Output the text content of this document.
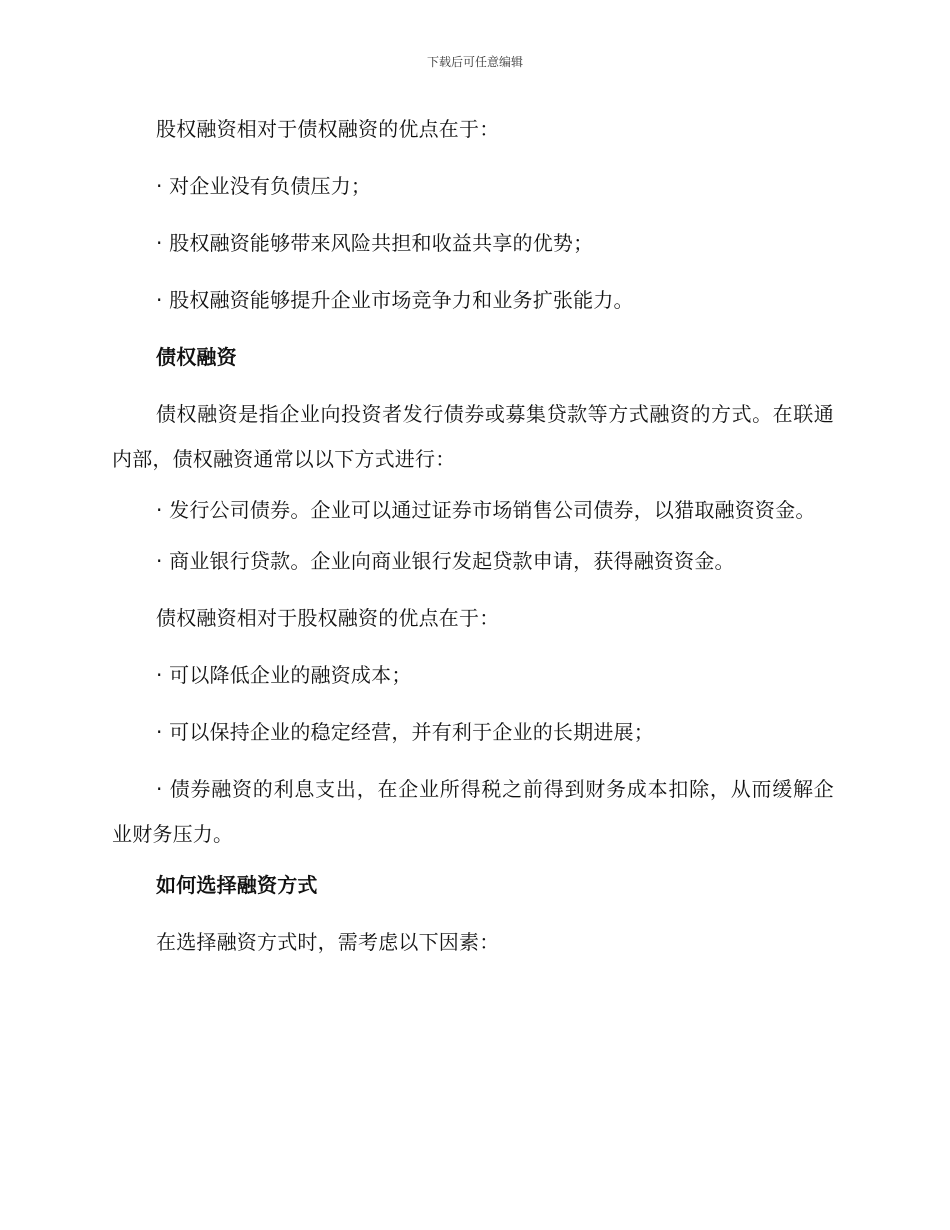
下载后可任意编辑

股权融资相对于债权融资的优点在于：

· 对企业没有负债压力；

· 股权融资能够带来风险共担和收益共享的优势；

· 股权融资能够提升企业市场竞争力和业务扩张能力。

债权融资

债权融资是指企业向投资者发行债券或募集贷款等方式融资的方式。在联通内部，债权融资通常以以下方式进行：

· 发行公司债券。企业可以通过证券市场销售公司债券，以猎取融资资金。

· 商业银行贷款。企业向商业银行发起贷款申请，获得融资资金。

债权融资相对于股权融资的优点在于：

· 可以降低企业的融资成本；

· 可以保持企业的稳定经营，并有利于企业的长期进展；

· 债券融资的利息支出，在企业所得税之前得到财务成本扣除，从而缓解企业财务压力。

如何选择融资方式

在选择融资方式时，需考虑以下因素：
